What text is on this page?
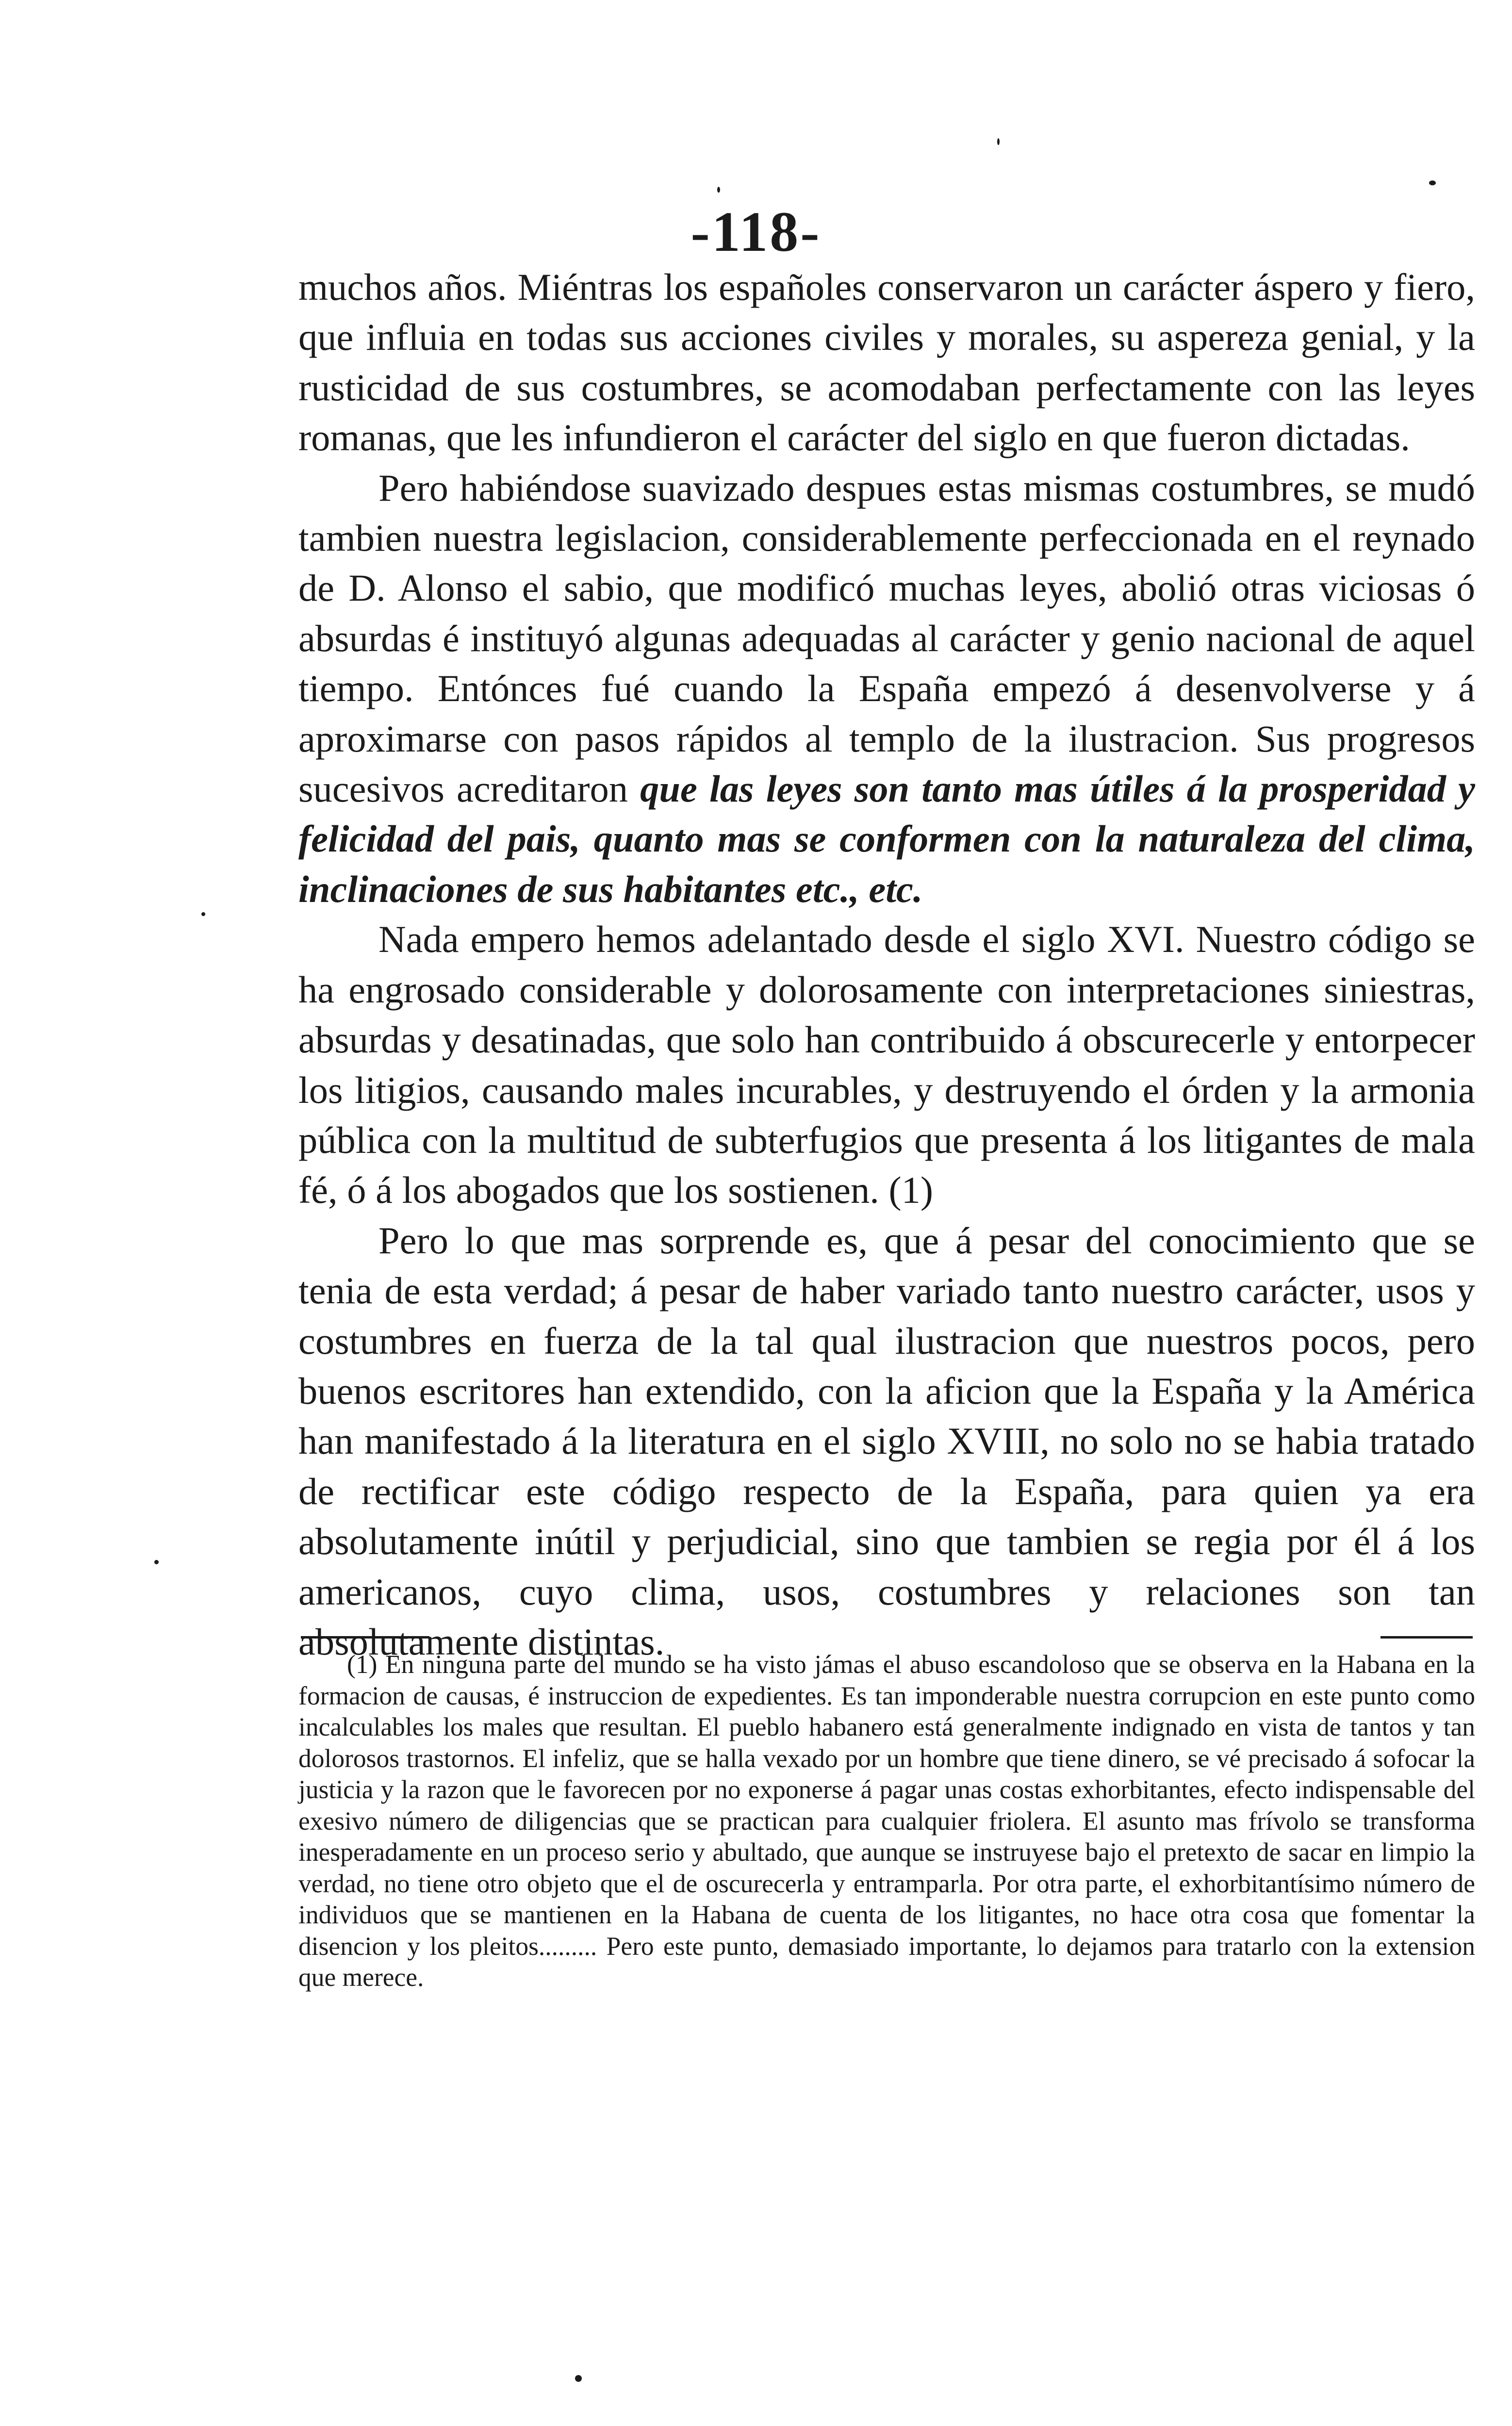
-118-

muchos años. Miéntras los españoles conservaron un carácter áspero y fiero, que influia en todas sus acciones civiles y morales, su aspereza genial, y la rusticidad de sus costumbres, se acomodaban perfectamente con las leyes romanas, que les infundieron el carácter del siglo en que fueron dictadas.

Pero habiéndose suavizado despues estas mismas costumbres, se mudó tambien nuestra legislacion, considerablemente perfeccionada en el reynado de D. Alonso el sabio, que modificó muchas leyes, abolió otras viciosas ó absurdas é instituyó algunas adequadas al carácter y genio nacional de aquel tiempo. Entónces fué cuando la España empezó á desenvolverse y á aproximarse con pasos rápidos al templo de la ilustracion. Sus progresos sucesivos acreditaron que las leyes son tanto mas útiles á la prosperidad y felicidad del pais, quanto mas se conformen con la naturaleza del clima, inclinaciones de sus habitantes etc., etc.

Nada empero hemos adelantado desde el siglo XVI. Nuestro código se ha engrosado considerable y dolorosamente con interpretaciones siniestras, absurdas y desatinadas, que solo han contribuido á obscurecerle y entorpecer los litigios, causando males incurables, y destruyendo el órden y la armonia pública con la multitud de subterfugios que presenta á los litigantes de mala fé, ó á los abogados que los sostienen. (1)

Pero lo que mas sorprende es, que á pesar del conocimiento que se tenia de esta verdad; á pesar de haber variado tanto nuestro carácter, usos y costumbres en fuerza de la tal qual ilustracion que nuestros pocos, pero buenos escritores han extendido, con la aficion que la España y la América han manifestado á la literatura en el siglo XVIII, no solo no se habia tratado de rectificar este código respecto de la España, para quien ya era absolutamente inútil y perjudicial, sino que tambien se regia por él á los americanos, cuyo clima, usos, costumbres y relaciones son tan absolutamente distintas.

(1) En ninguna parte del mundo se ha visto jámas el abuso escandoloso que se observa en la Habana en la formacion de causas, é instruccion de expedientes. Es tan imponderable nuestra corrupcion en este punto como incalculables los males que resultan. El pueblo habanero está generalmente indignado en vista de tantos y tan dolorosos trastornos. El infeliz, que se halla vexado por un hombre que tiene dinero, se vé precisado á sofocar la justicia y la razon que le favorecen por no exponerse á pagar unas costas exhorbitantes, efecto indispensable del exesivo número de diligencias que se practican para cualquier friolera. El asunto mas frívolo se transforma inesperadamente en un proceso serio y abultado, que aunque se instruyese bajo el pretexto de sacar en limpio la verdad, no tiene otro objeto que el de oscurecerla y entramparla. Por otra parte, el exhorbitantísimo número de individuos que se mantienen en la Habana de cuenta de los litigantes, no hace otra cosa que fomentar la disencion y los pleitos......... Pero este punto, demasiado importante, lo dejamos para tratarlo con la extension que merece.
